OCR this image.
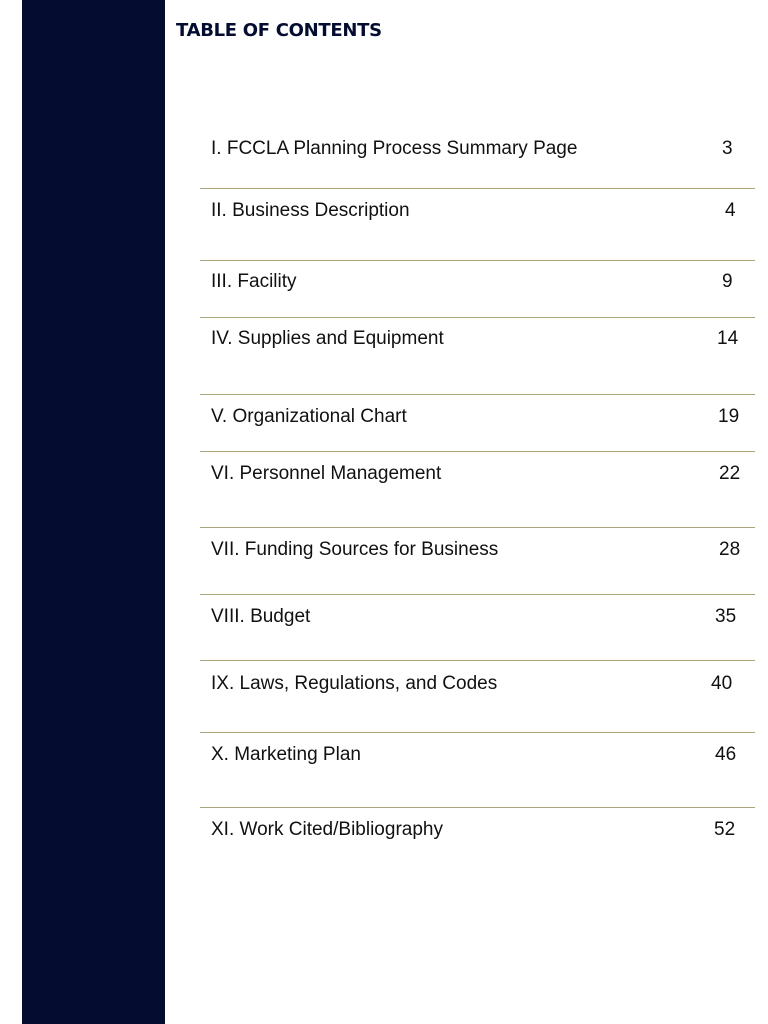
TABLE OF CONTENTS
I. FCCLA Planning Process Summary Page	3
II. Business Description	4
III. Facility	9
IV. Supplies and Equipment	14
V. Organizational Chart	19
VI. Personnel Management	22
VII. Funding Sources for Business	28
VIII. Budget	35
IX. Laws, Regulations, and Codes	40
X. Marketing Plan	46
XI. Work Cited/Bibliography	52
